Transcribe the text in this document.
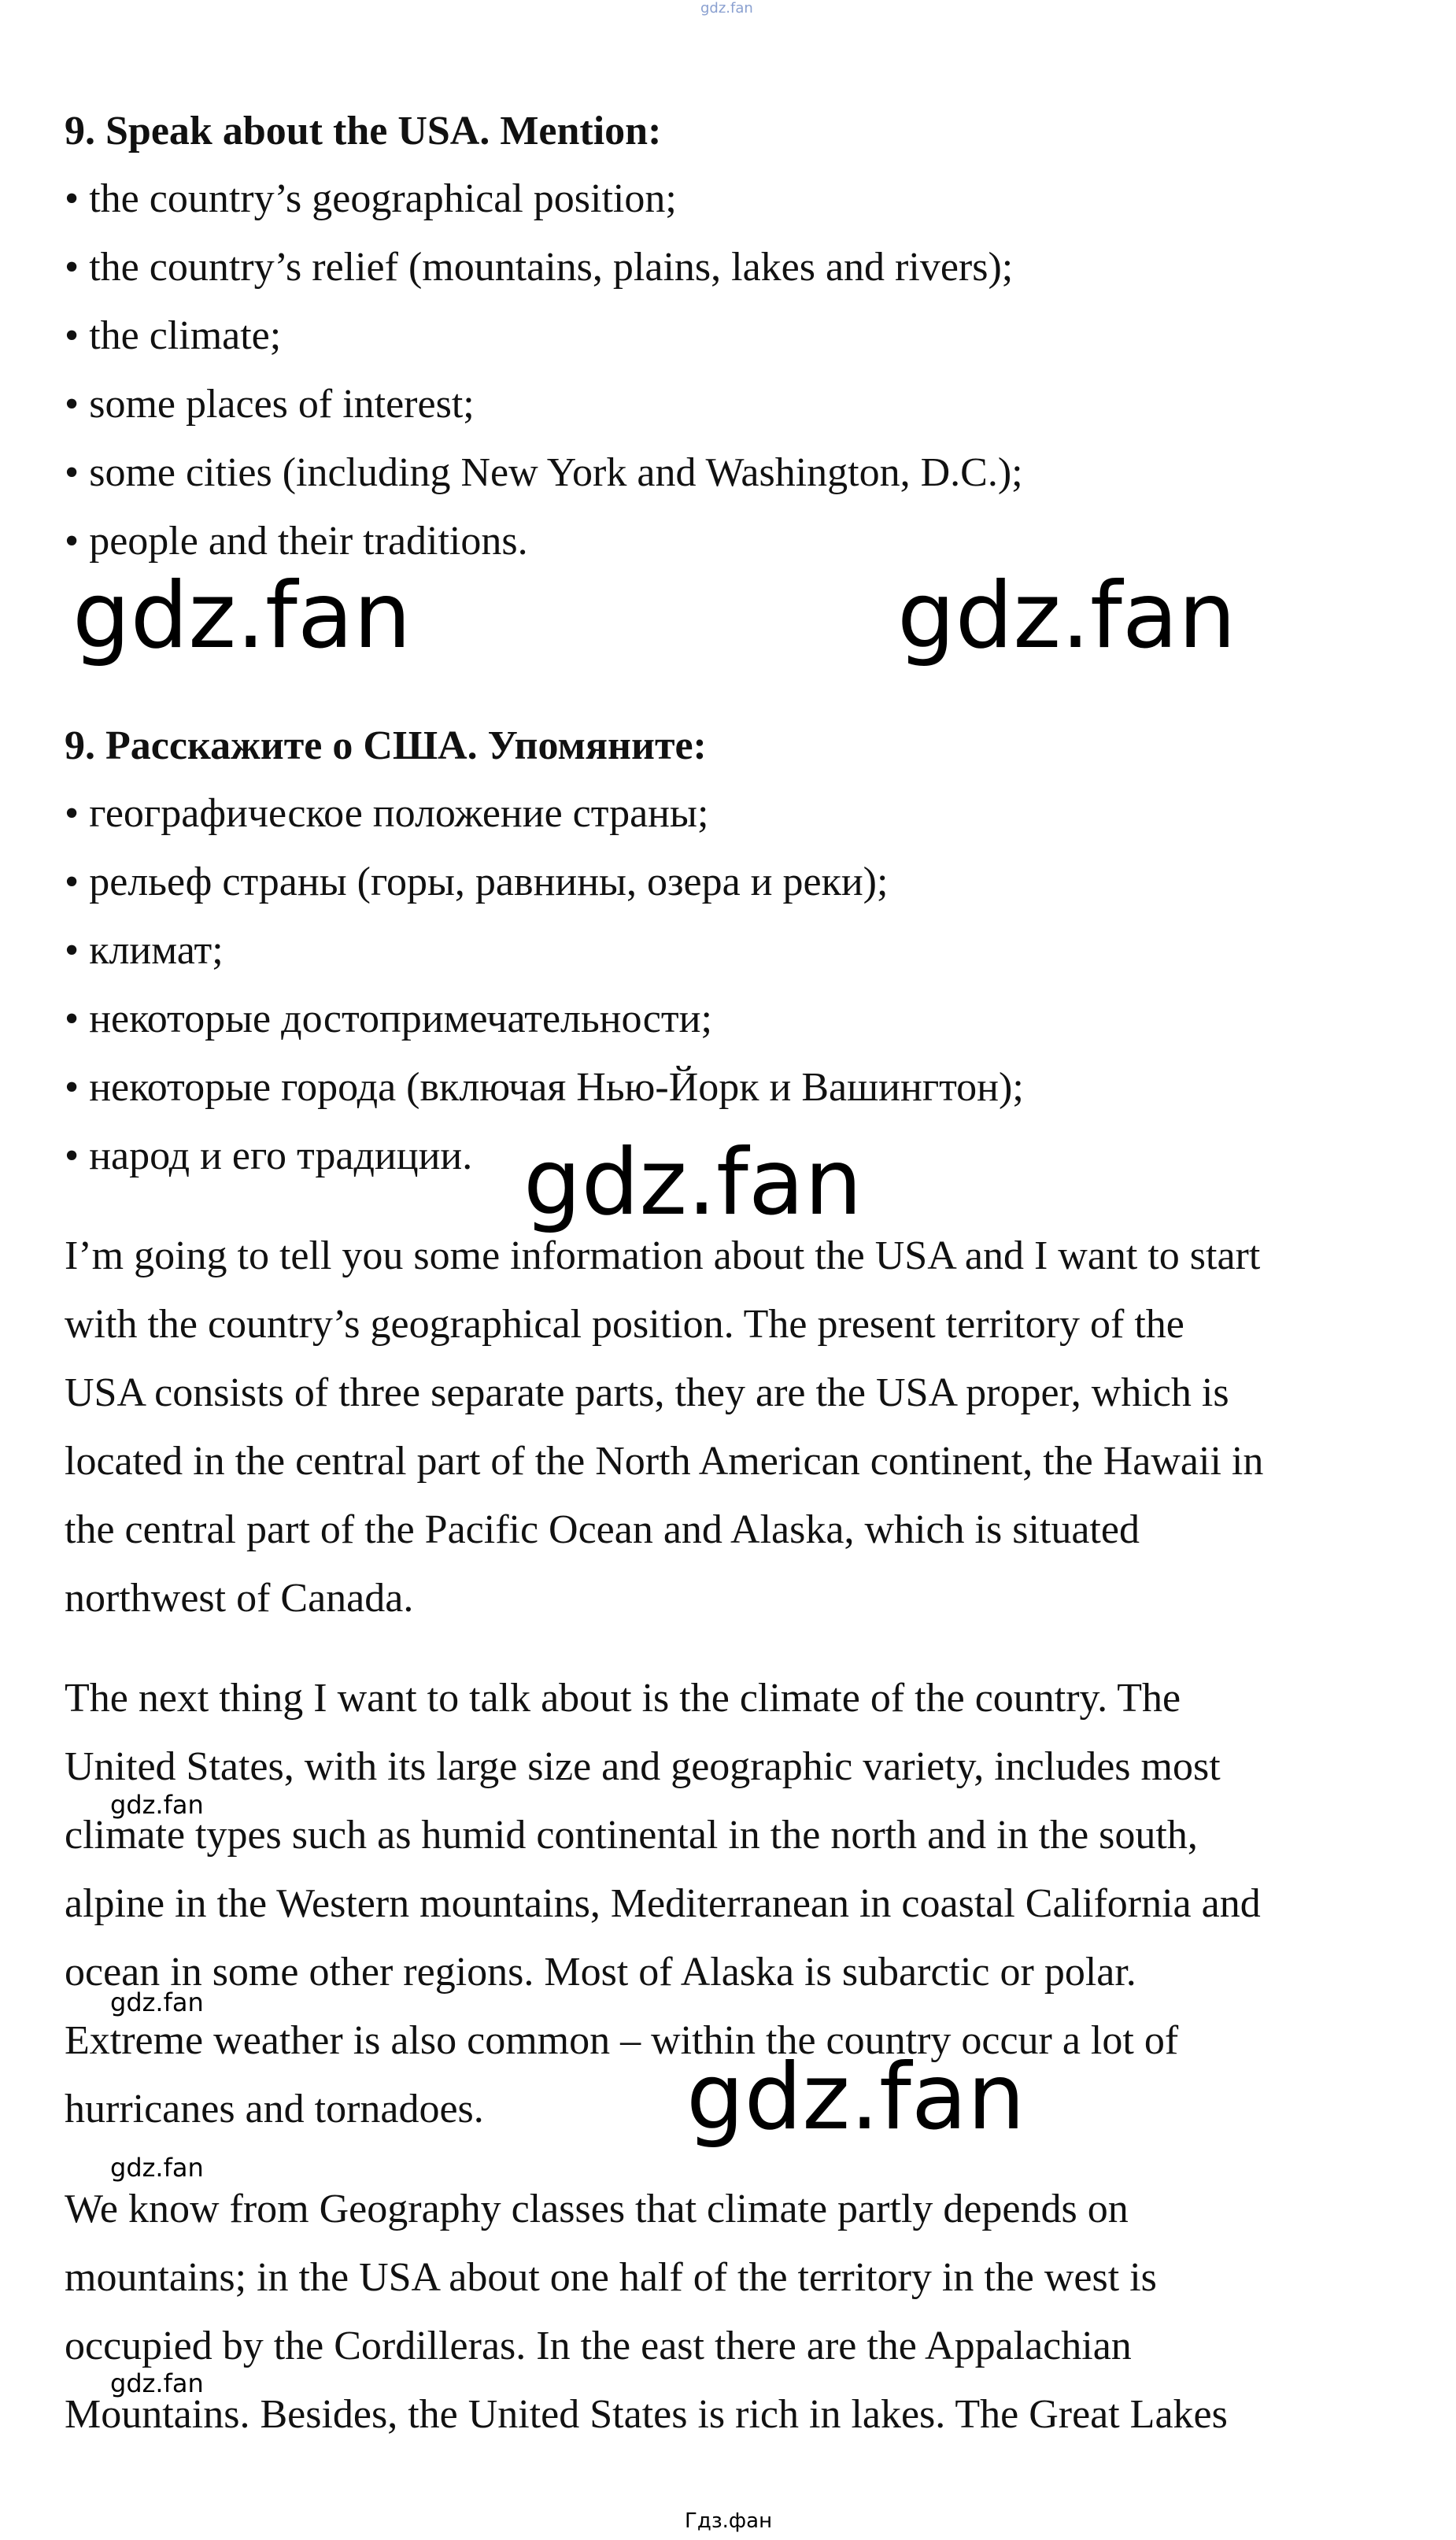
gdz.fan

9. Speak about the USA. Mention:

• the country’s geographical position;

• the country’s relief (mountains, plains, lakes and rivers);

• the climate;

• some places of interest;

• some cities (including New York and Washington, D.C.);

• people and their traditions.

gdz.fan	gdz.fan

9. Расскажите о США. Упомяните:

• географическое положение страны;

• рельеф страны (горы, равнины, озера и реки);

• климат;

• некоторые достопримечательности;

• некоторые города (включая Нью-Йорк и Вашингтон);

• народ и его традиции. gdz.fan

I’m going to tell you some information about the USA and I want to start

with the country’s geographical position. The present territory of the

USA consists of three separate parts, they are the USA proper, which is

located in the central part of the North American continent, the Hawaii in

the central part of the Pacific Ocean and Alaska, which is situated

northwest of Canada.

The next thing I want to talk about is the climate of the country. The

United States, with its large size and geographic variety, includes most

climate types such as humid continental in the north and in the south,

alpine in the Western mountains, Mediterranean in coastal California and

ocean in some other regions. Most of Alaska is subarctic or polar.

Extreme weather is also common – within the country occur a lot of

hurricanes and tornadoes.

gdz.fan
gdz.fan
gdz.fan
gdz.fan

We know from Geography classes that climate partly depends on

mountains; in the USA about one half of the territory in the west is

occupied by the Cordilleras. In the east there are the Appalachian

Mountains. Besides, the United States is rich in lakes. The Great Lakes

gdz.fan
Гдз.фан
